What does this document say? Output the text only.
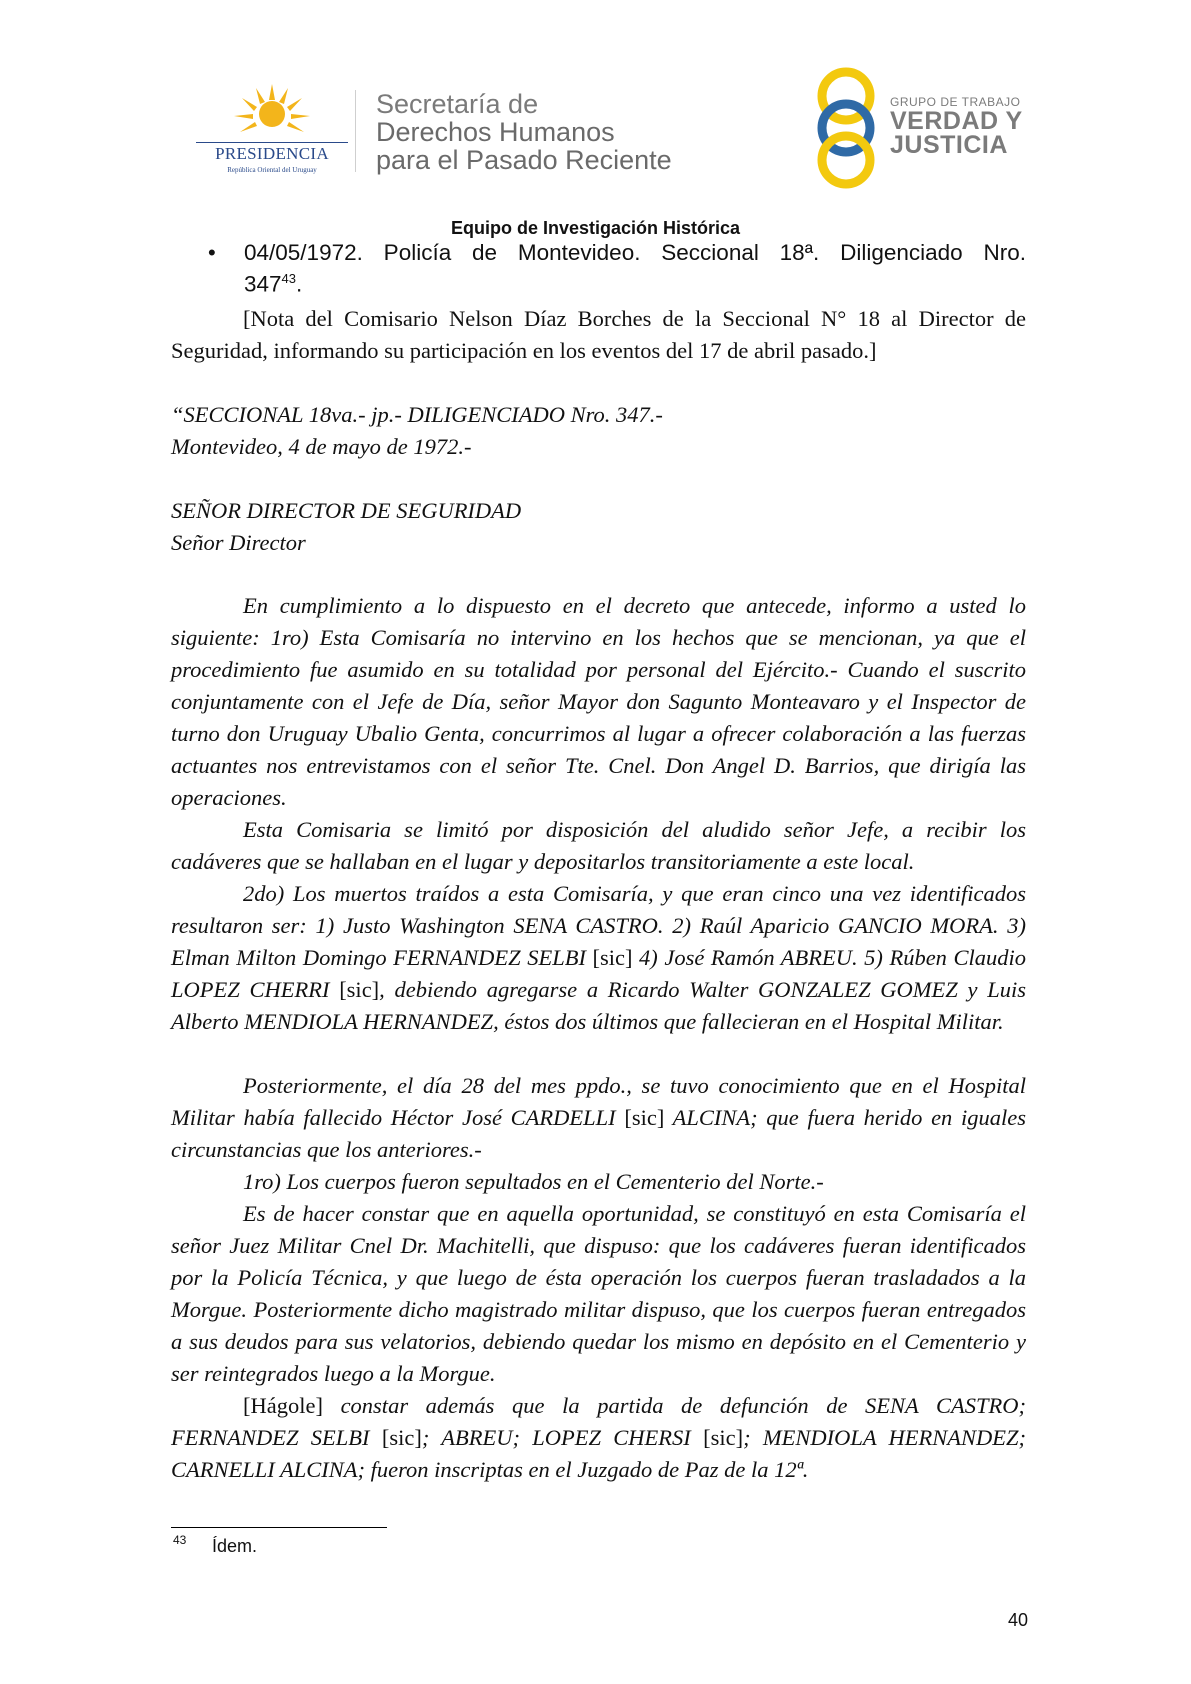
PRESIDENCIA
República Oriental del Uruguay
Secretaría de
Derechos Humanos
para el Pasado Reciente
GRUPO DE TRABAJO
VERDAD Y
JUSTICIA
Equipo de Investigación Histórica
• 04/05/1972. Policía de Montevideo. Seccional 18ª. Diligenciado Nro.
$347^{43}$.
[Nota del Comisario Nelson Díaz Borches de la Seccional N° 18 al Director de Seguridad, informando su participación en los eventos del 17 de abril pasado.]
“SECCIONAL 18va.- jp.- DILIGENCIADO Nro. 347.-
Montevideo, 4 de mayo de 1972.-
SEÑOR DIRECTOR DE SEGURIDAD
Señor Director
En cumplimiento a lo dispuesto en el decreto que antecede, informo a usted lo siguiente: 1ro) Esta Comisaría no intervino en los hechos que se mencionan, ya que el procedimiento fue asumido en su totalidad por personal del Ejército.- Cuando el suscrito conjuntamente con el Jefe de Día, señor Mayor don Sagunto Monteavaro y el Inspector de turno don Uruguay Ubalio Genta, concurrimos al lugar a ofrecer colaboración a las fuerzas actuantes nos entrevistamos con el señor Tte. Cnel. Don Angel D. Barrios, que dirigía las operaciones.
Esta Comisaria se limitó por disposición del aludido señor Jefe, a recibir los cadáveres que se hallaban en el lugar y depositarlos transitoriamente a este local.
2do) Los muertos traídos a esta Comisaría, y que eran cinco una vez identificados resultaron ser: 1) Justo Washington SENA CASTRO. 2) Raúl Aparicio GANCIO MORA. 3) Elman Milton Domingo FERNANDEZ SELBI [sic] 4) José Ramón ABREU. 5) Rúben Claudio LOPEZ CHERRI [sic], debiendo agregarse a Ricardo Walter GONZALEZ GOMEZ y Luis Alberto MENDIOLA HERNANDEZ, éstos dos últimos que fallecieran en el Hospital Militar.
Posteriormente, el día 28 del mes ppdo., se tuvo conocimiento que en el Hospital Militar había fallecido Héctor José CARDELLI [sic] ALCINA; que fuera herido en iguales circunstancias que los anteriores.-
1ro) Los cuerpos fueron sepultados en el Cementerio del Norte.-
Es de hacer constar que en aquella oportunidad, se constituyó en esta Comisaría el señor Juez Militar Cnel Dr. Machitelli, que dispuso: que los cadáveres fueran identificados por la Policía Técnica, y que luego de ésta operación los cuerpos fueran trasladados a la Morgue. Posteriormente dicho magistrado militar dispuso, que los cuerpos fueran entregados a sus deudos para sus velatorios, debiendo quedar los mismo en depósito en el Cementerio y ser reintegrados luego a la Morgue.
[Hágole] constar además que la partida de defunción de SENA CASTRO; FERNANDEZ SELBI [sic]; ABREU; LOPEZ CHERSI [sic]; MENDIOLA HERNANDEZ; CARNELLI ALCINA; fueron inscriptas en el Juzgado de Paz de la 12ª.
43 Ídem.
40
